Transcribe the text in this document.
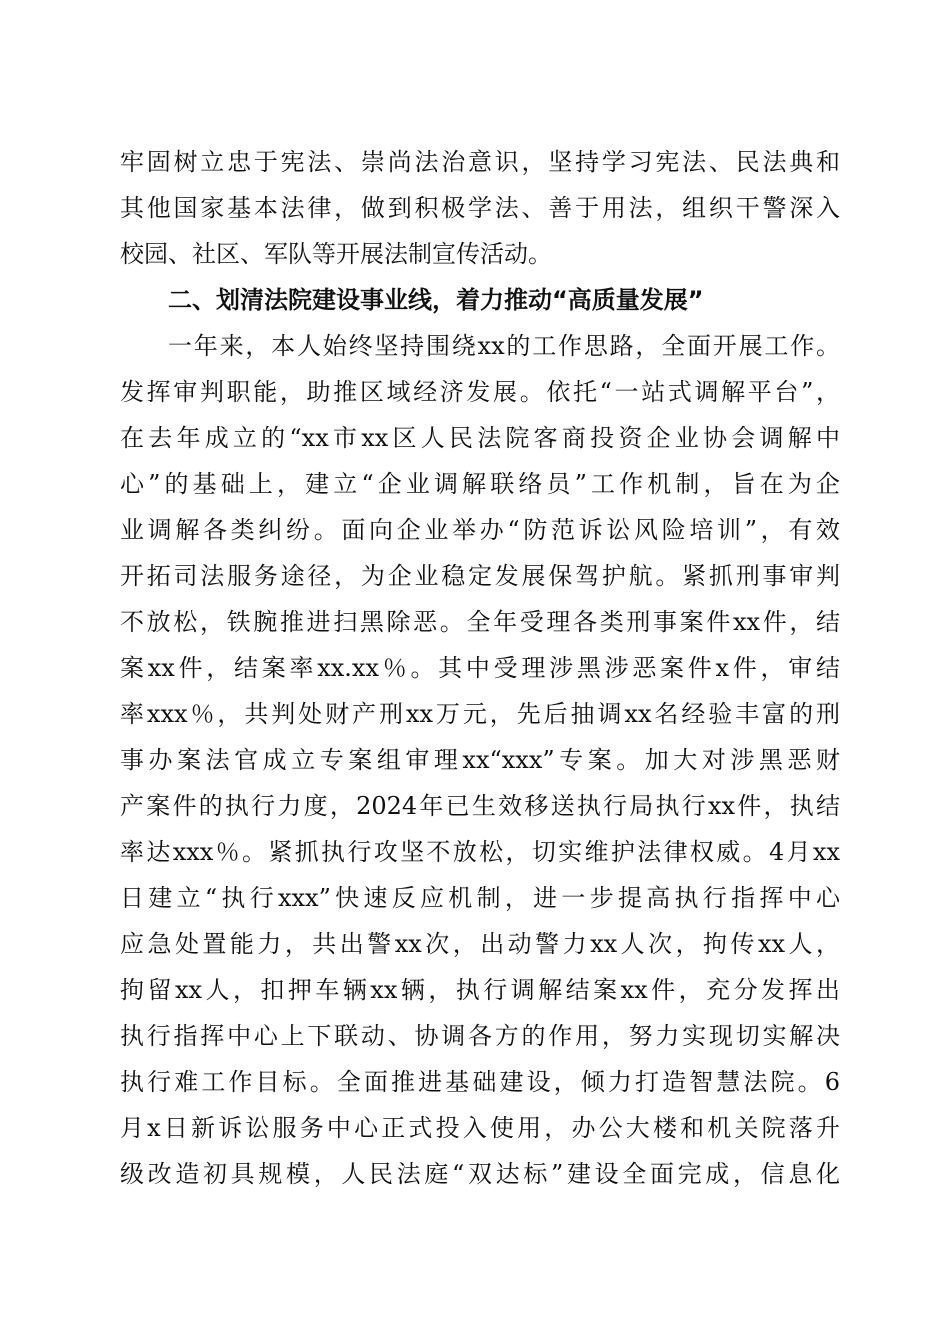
牢固树立忠于宪法、崇尚法治意识，坚持学习宪法、民法典和
其他国家基本法律，做到积极学法、善于用法，组织干警深入
校园、社区、军队等开展法制宣传活动。
二、划清法院建设事业线，着力推动“高质量发展”
一年来，本人始终坚持围绕xx的工作思路，全面开展工作。
发挥审判职能，助推区域经济发展。依托“一站式调解平台”，
在去年成立的“xx市xx区人民法院客商投资企业协会调解中
心”的基础上，建立“企业调解联络员”工作机制，旨在为企
业调解各类纠纷。面向企业举办“防范诉讼风险培训”，有效
开拓司法服务途径，为企业稳定发展保驾护航。紧抓刑事审判
不放松，铁腕推进扫黑除恶。全年受理各类刑事案件xx件，结
案xx件，结案率xx.xx％。其中受理涉黑涉恶案件x件，审结
率xxx％，共判处财产刑xx万元，先后抽调xx名经验丰富的刑
事办案法官成立专案组审理xx“xxx”专案。加大对涉黑恶财
产案件的执行力度，2024年已生效移送执行局执行xx件，执结
率达xxx％。紧抓执行攻坚不放松，切实维护法律权威。4月xx
日建立“执行xxx”快速反应机制，进一步提高执行指挥中心
应急处置能力，共出警xx次，出动警力xx人次，拘传xx人，
拘留xx人，扣押车辆xx辆，执行调解结案xx件，充分发挥出
执行指挥中心上下联动、协调各方的作用，努力实现切实解决
执行难工作目标。全面推进基础建设，倾力打造智慧法院。6
月x日新诉讼服务中心正式投入使用，办公大楼和机关院落升
级改造初具规模，人民法庭“双达标”建设全面完成，信息化
